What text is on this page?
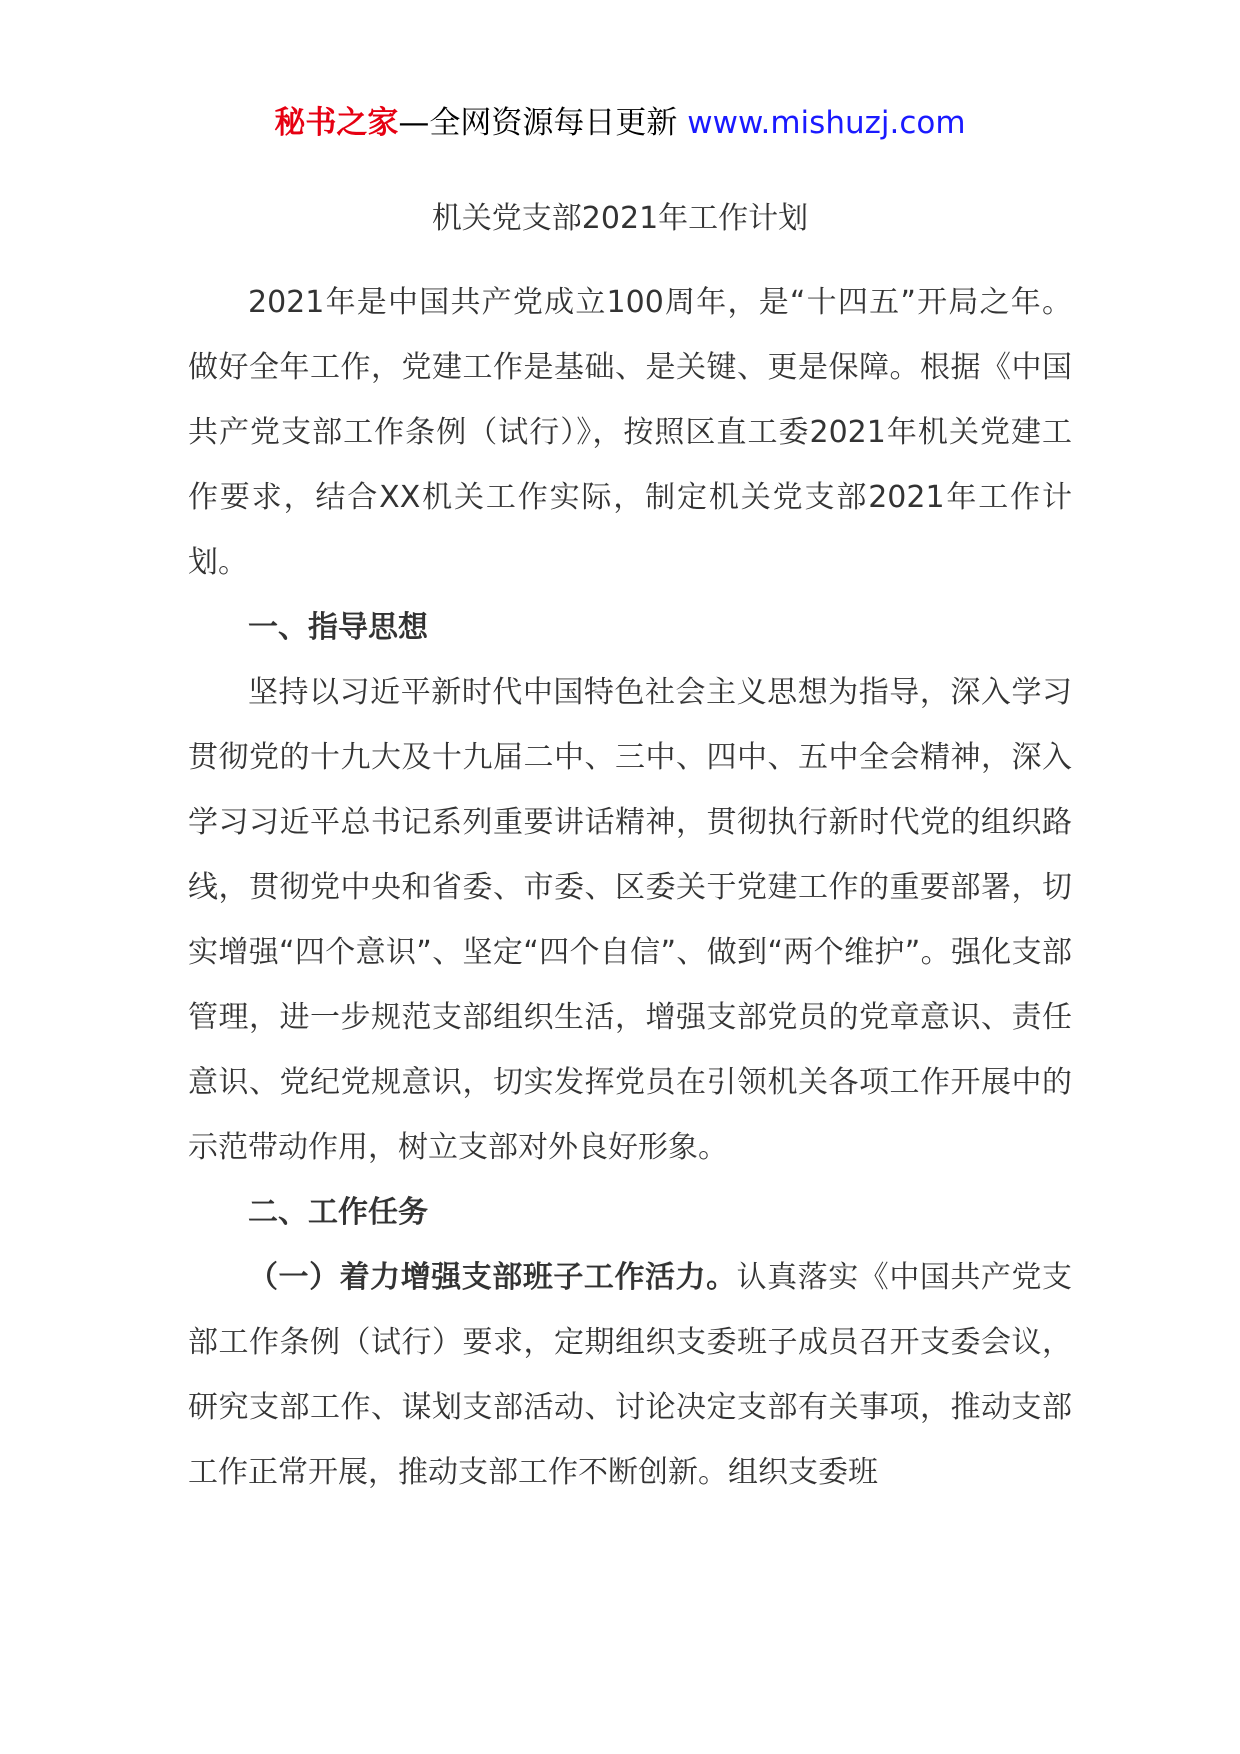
秘书之家—全网资源每日更新 www.mishuzj.com
机关党支部2021年工作计划

2021年是中国共产党成立100周年，是“十四五”开局之年。做好全年工作，党建工作是基础、是关键、更是保障。根据《中国共产党支部工作条例（试行）》，按照区直工委2021年机关党建工作要求，结合XX机关工作实际，制定机关党支部2021年工作计划。

一、指导思想

坚持以习近平新时代中国特色社会主义思想为指导，深入学习贯彻党的十九大及十九届二中、三中、四中、五中全会精神，深入学习习近平总书记系列重要讲话精神，贯彻执行新时代党的组织路线，贯彻党中央和省委、市委、区委关于党建工作的重要部署，切实增强“四个意识”、坚定“四个自信”、做到“两个维护”。强化支部管理，进一步规范支部组织生活，增强支部党员的党章意识、责任意识、党纪党规意识，切实发挥党员在引领机关各项工作开展中的示范带动作用，树立支部对外良好形象。

二、工作任务

（一）着力增强支部班子工作活力。认真落实《中国共产党支部工作条例（试行）要求，定期组织支委班子成员召开支委会议，研究支部工作、谋划支部活动、讨论决定支部有关事项，推动支部工作正常开展，推动支部工作不断创新。组织支委班
